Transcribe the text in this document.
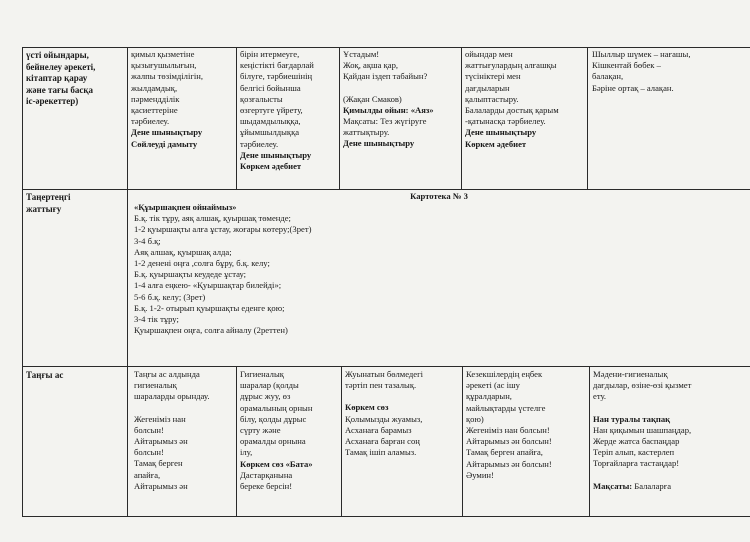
үсті ойындары,
бейнелеу әрекеті,
кітаптар қарау
және тағы басқа
іс-әрекеттер)
қимыл қызметіне
қызығушылығын,
жалпы төзімділігін,
жылдамдық,
пәрмендділік
қасиеттеріне
тәрбиелеу.
Дене шынықтыру
Сөйлеуді дамыту
бірін итермеуге,
кеңістікті бағдарлай
білуге, тәрбиешінің
белгісі бойынша
қозғалысты
өзгертуге үйрету,
шыдамдылыққа,
ұйымшылдыққа
тәрбиелеу.
Дене шынықтыру
Көркем әдебиет
Ұстадым!
Жоқ, ақша қар,
Қайдан іздеп табайын?
(Жақан Смаков)
Қимылды ойын: «Аяз»
Мақсаты: Тез жүгіруге
жаттықтыру.
Дене шынықтыру
ойындар мен
жаттығулардың алғашқы
түсініктері мен
дағдыларын
қалыптастыру.
Балаларды достық қарым
-қатынасқа тәрбиелеу.
Дене шынықтыру
Көркем әдебиет
Шыллыр шүмек – нағашы,
Кішкентай бөбек –
балақан,
Бәріне ортақ – алақан.
Таңертеңгі
жаттығу
Картотека № 3
«Құыршақпен ойнаймыз»
Б.қ. тік тұру, аяқ алшақ, қуыршақ төменде;
1-2 қуыршақты алға ұстау, жоғары көтеру;(3рет)
3-4 б.қ;
Аяқ алшақ, қуыршақ алда;
1-2 денені оңға ,солға бұру, б.қ. келу;
Б.қ. қуыршақты кеудеде ұстау;
1-4 алға еңкею- «Қуыршақтар билейді»;
5-6 б.қ. келу; (3рет)
Б.қ. 1-2- отырып қуыршақты еденге қою;
3-4 тік тұру;
Қуыршақпен оңға, солға айналу (2реттен)
Таңғы ас	Таңғы ас алдында
гигиеналық
шараларды орындау.
Жегеніміз нан
болсын!
Айтарымыз ән
болсын!
Тамақ берген
апайға,
Айтарымыз ән
Гигиеналық
шаралар (қолды
дұрыс жуу, өз
орамалының орнын
білу, қолды дұрыс
сүрту және
орамалды орнына
ілу,
Көркем сөз «Бата»
Дастарқанына
береке берсін!
Жуынатын бөлмедегі
тәртіп пен тазалық.
Көркем сөз
Қолымызды жуамыз,
Асханаға барамыз
Асханаға барған соң
Тамақ ішіп аламыз.
Кезекшілердің еңбек
әрекеті (ас ішу
құралдарын,
майлықтарды үстелге
қою)
Жегеніміз нан болсын!
Айтарымыз ән болсын!
Тамақ берген апайға,
Айтарымыз ән болсын!
Әумин!
Мәдени-гигиеналық
дағдылар, өзіне-өзі қызмет
ету.
Нан туралы тақпақ
Нан қиқымын шашпаңдар,
Жерде жатса баспаңдар
Теріп алып, кастерлеп
Торғайларға тастаңдар!
Мақсаты: Балаларға
